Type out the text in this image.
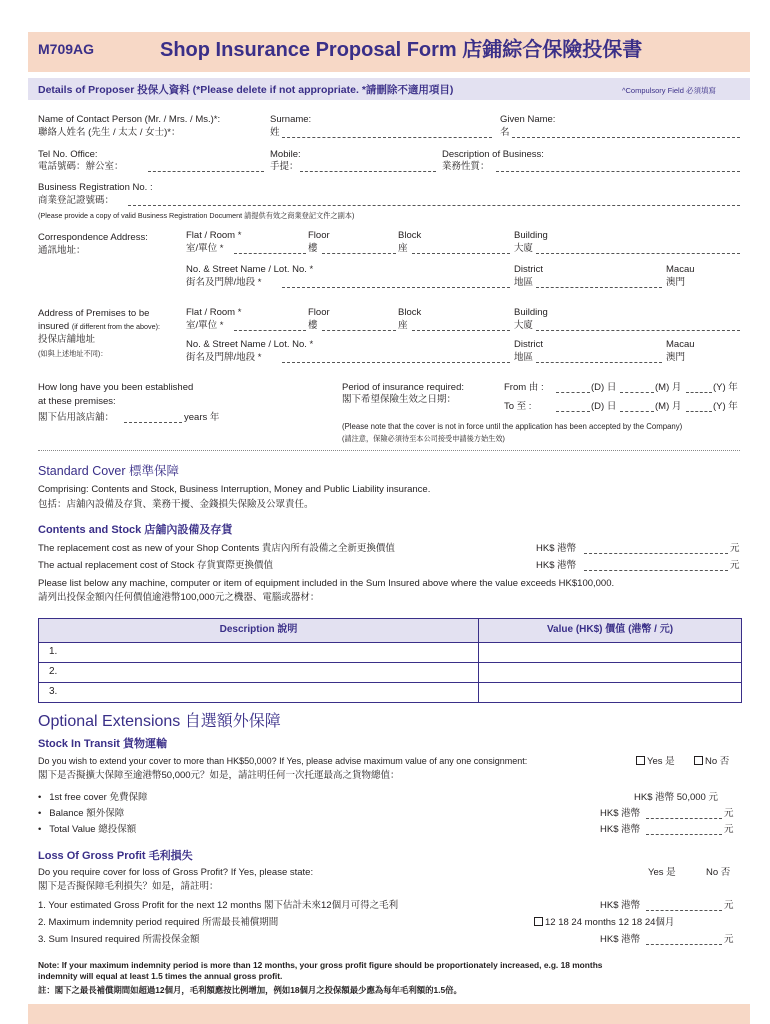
M709AG	Shop Insurance Proposal Form 店鋪綜合保險投保書
Details of Proposer 投保人資料 (*Please delete if not appropriate. *請刪除不適用項目)	^Compulsory Field 必須填寫
Name of Contact Person (Mr. / Mrs. / Ms.)*:
聯絡人姓名 (先生 / 太太 / 女士)*：
Surname:
姓
Given Name:
名
Tel No. Office:
電話號碼：辦公室：
Mobile:
手提：
Description of Business:
業務性質：
Business Registration No. :
商業登記證號碼：
(Please provide a copy of valid Business Registration Document 請提供有效之商業登記文件之副本)
Correspondence Address:
通訊地址：
Flat / Room *
室/單位 *
Floor
樓
Block
座
Building
大廈
No. & Street Name / Lot. No. *
街名及門牌/地段 *
District
地區
Macau
澳門
Address of Premises to be
insured (if different from the above):
投保店舖地址
(如與上述地址不同)：
Flat / Room *
室/單位 *
Floor
樓
Block
座
Building
大廈
No. & Street Name / Lot. No. *
街名及門牌/地段 *
District
地區
Macau
澳門
How long have you been established
at these premises:
閣下佔用該店舖：	years 年
Period of insurance required:
閣下希望保險生效之日期：
From 由 :	(D) 日	(M) 月	(Y) 年
To 至 :	(D) 日	(M) 月	(Y) 年
(Please note that the cover is not in force until the application has been accepted by the Company)
(請注意，保險必須待至本公司接受申請後方始生效)
Standard Cover 標準保障
Comprising: Contents and Stock, Business Interruption, Money and Public Liability insurance.
包括：店舖內設備及存貨、業務干擾、金錢損失保險及公眾責任。
Contents and Stock 店舖內設備及存貨
The replacement cost as new of your Shop Contents 貴店內所有設備之全新更換價值	HK$ 港幣	元
The actual replacement cost of Stock 存貨實際更換價值	HK$ 港幣	元
Please list below any machine, computer or item of equipment included in the Sum Insured above where the value exceeds HK$100,000.
請列出投保金額內任何價值逾港幣100,000元之機器、電腦或器材：
Description 說明	Value (HK$) 價值 (港幣 / 元)
1.	
2.	
3.	
Optional Extensions 自選額外保障
Stock In Transit 貨物運輸
Do you wish to extend your cover to more than HK$50,000? If Yes, please advise maximum value of any one consignment:
閣下是否擬擴大保障至逾港幣50,000元？如是，請註明任何一次托運最高之貨物總值：
Yes 是	No 否
•   1st free cover 免費保障	HK$ 港幣 50,000 元
•   Balance 額外保障	HK$ 港幣	元
•   Total Value 總投保額	HK$ 港幣	元
Loss Of Gross Profit 毛利損失
Do you require cover for loss of Gross Profit? If Yes, please state:
閣下是否擬保障毛利損失？如是，請註明：
Yes 是	No 否
1. Your estimated Gross Profit for the next 12 months 閣下估計未來12個月可得之毛利	HK$ 港幣	元
2. Maximum indemnity period required 所需最長補償期間	12 18 24 months 12 18 24個月
3. Sum Insured required 所需投保金額	HK$ 港幣	元
Note: If your maximum indemnity period is more than 12 months, your gross profit figure should be proportionately increased, e.g. 18 months
indemnity will equal at least 1.5 times the annual gross profit.
註：閣下之最長補償期間如超過12個月，毛利額應按比例增加，例如18個月之投保額最少應為每年毛利額的1.5倍。
